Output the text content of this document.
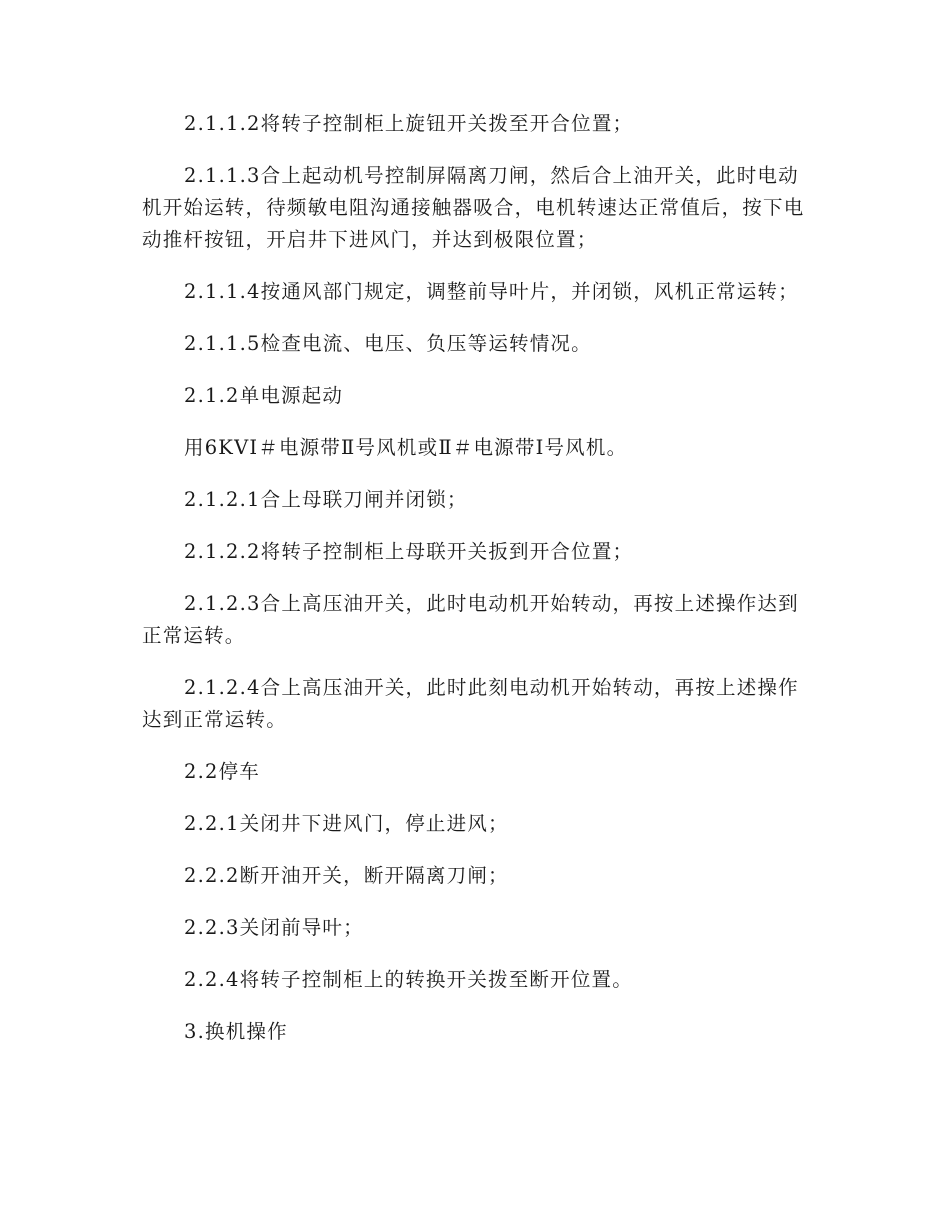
2.1.1.2将转子控制柜上旋钮开关拨至开合位置；

2.1.1.3合上起动机号控制屏隔离刀闸，然后合上油开关，此时电动机开始运转，待频敏电阻沟通接触器吸合，电机转速达正常值后，按下电动推杆按钮，开启井下进风门，并达到极限位置；

2.1.1.4按通风部门规定，调整前导叶片，并闭锁，风机正常运转；

2.1.1.5检查电流、电压、负压等运转情况。

2.1.2单电源起动

用6KVⅠ＃电源带Ⅱ号风机或Ⅱ＃电源带Ⅰ号风机。

2.1.2.1合上母联刀闸并闭锁；

2.1.2.2将转子控制柜上母联开关扳到开合位置；

2.1.2.3合上高压油开关，此时电动机开始转动，再按上述操作达到正常运转。

2.1.2.4合上高压油开关，此时此刻电动机开始转动，再按上述操作达到正常运转。

2.2停车

2.2.1关闭井下进风门，停止进风；

2.2.2断开油开关，断开隔离刀闸；

2.2.3关闭前导叶；

2.2.4将转子控制柜上的转换开关拨至断开位置。

3.换机操作
